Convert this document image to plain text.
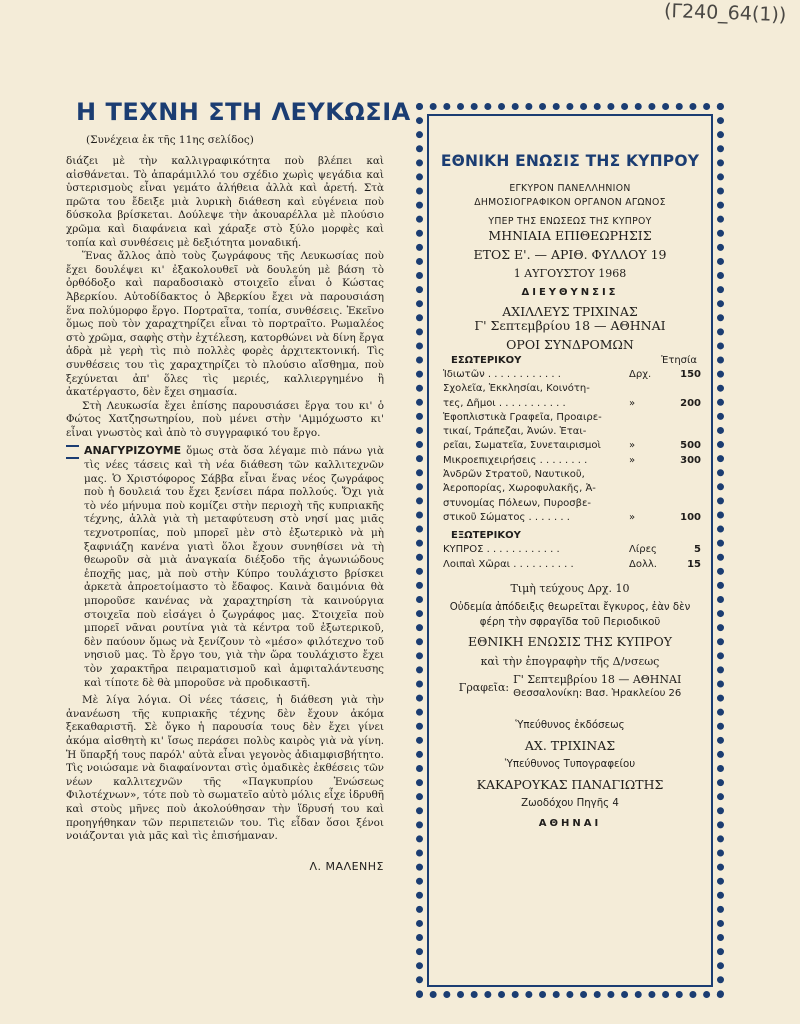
(Γ240_64(1))
Η ΤΕΧΝΗ ΣΤΗ ΛΕΥΚΩΣΙΑ
(Συνέχεια ἐκ τῆς 11ης σελίδος)

διάζει μὲ τὴν καλλιγραφικότητα ποὺ βλέπει καὶ αἰσθάνεται. Τὸ ἀπαράμιλλό του σχέδιο χωρὶς ψεγάδια καὶ ὑστερισμοὺς εἶναι γεμάτο ἀλήθεια ἀλλὰ καὶ ἀρετή. Στὰ πρῶτα του ἔδειξε μιὰ λυρικὴ διάθεση καὶ εὐγένεια ποὺ δύσκολα βρίσκεται. Δούλεψε τὴν ἀκουαρέλλα μὲ πλούσιο χρῶμα καὶ διαφάνεια καὶ χάραξε στὸ ξύλο μορφὲς καὶ τοπία καὶ συνθέσεις μὲ δεξιότητα μοναδική.

Ἕνας ἄλλος ἀπὸ τοὺς ζωγράφους τῆς Λευκωσίας ποὺ ἔχει δουλέψει κι' ἐξακολουθεῖ νὰ δουλεύη μὲ βάση τὸ ὀρθόδοξο καὶ παραδοσιακὸ στοιχεῖο εἶναι ὁ Κώστας Ἀβερκίου. Αὐτοδίδακτος ὁ Ἀβερκίου ἔχει νὰ παρουσιάση ἕνα πολύμορφο ἔργο. Πορτραῖτα, τοπία, συνθέσεις. Ἐκεῖνο ὅμως ποὺ τὸν χαραχτηρίζει εἶναι τὸ πορτραῖτο. Ρωμαλέος στὸ χρῶμα, σαφὴς στὴν ἐχτέλεση, κατορθώνει νὰ δίνη ἔργα ἁδρὰ μὲ γερὴ τὶς πιὸ πολλὲς φορὲς ἀρχιτεκτονική. Τὶς συνθέσεις του τὶς χαραχτηρίζει τὸ πλούσιο αἴσθημα, ποὺ ξεχύνεται ἀπ' ὅλες τὶς μεριές, καλλιεργημένο ἢ ἀκατέργαστο, δὲν ἔχει σημασία.

Στὴ Λευκωσία ἔχει ἐπίσης παρουσιάσει ἔργα του κι' ὁ Φώτος Χατζησωτηρίου, ποὺ μένει στὴν 'Αμμόχωστο κι' εἶναι γνωστὸς καὶ ἀπὸ τὸ συγγραφικό του ἔργο.

ΑΝΑΓΥΡΙΖΟΥΜΕ ὅμως στὰ ὅσα λέγαμε πιὸ πάνω γιὰ τὶς νέες τάσεις καὶ τὴ νέα διάθεση τῶν καλλιτεχνῶν μας. Ὁ Χριστόφορος Σάββα εἶναι ἕνας νέος ζωγράφος ποὺ ἡ δουλειά του ἔχει ξενίσει πάρα πολλούς. Ὄχι γιὰ τὸ νέο μήνυμα ποὺ κομίζει στὴν περιοχὴ τῆς κυπριακῆς τέχνης, ἀλλὰ γιὰ τὴ μεταφύτευση στὸ νησί μας μιᾶς τεχνοτροπίας, ποὺ μπορεῖ μὲν στὸ ἐξωτερικὸ νὰ μὴ ξαφνιάζη κανένα γιατὶ ὅλοι ἔχουν συνηθίσει νὰ τὴ θεωροῦν σὰ μιὰ ἀναγκαία διέξοδο τῆς ἀγωνιώδους ἐποχῆς μας, μὰ ποὺ στὴν Κύπρο τουλάχιστο βρίσκει ἀρκετὰ ἀπροετοίμαστο τὸ ἔδαφος. Καινὰ δαιμόνια θὰ μποροῦσε κανένας νὰ χαραχτηρίση τὰ καινούργια στοιχεῖα ποὺ εἰσάγει ὁ ζωγράφος μας. Στοιχεῖα ποὺ μπορεῖ νᾶναι ρουτίνα γιὰ τὰ κέντρα τοῦ ἐξωτερικοῦ, δὲν παύουν ὅμως νὰ ξενίζουν τὸ «μέσο» φιλότεχνο τοῦ νησιοῦ μας. Τὸ ἔργο του, γιὰ τὴν ὥρα τουλάχιστο ἔχει τὸν χαρακτῆρα πειραματισμοῦ καὶ ἀμφιταλάντευσης καὶ τίποτε δὲ θὰ μποροῦσε νὰ προδικαστῆ.

Μὲ λίγα λόγια. Οἱ νέες τάσεις, ἡ διάθεση γιὰ τὴν ἀνανέωση τῆς κυπριακῆς τέχνης δὲν ἔχουν ἀκόμα ξεκαθαριστῆ. Σὲ ὄγκο ἡ παρουσία τους δὲν ἔχει γίνει ἀκόμα αἰσθητὴ κι' ἴσως περάσει πολὺς καιρὸς γιὰ νὰ γίνη. Ἡ ὕπαρξή τους παρόλ' αὐτὰ εἶναι γεγονὸς ἀδιαμφισβήτητο. Τὶς νοιώσαμε νὰ διαφαίνονται στὶς ὁμαδικὲς ἐκθέσεις τῶν νέων καλλιτεχνῶν τῆς «Παγκυπρίου Ἑνώσεως Φιλοτέχνων», τότε ποὺ τὸ σωματεῖο αὐτὸ μόλις εἶχε ἱδρυθῆ καὶ στοὺς μῆνες ποὺ ἀκολούθησαν τὴν ἵδρυσή του καὶ προηγήθηκαν τῶν περιπετειῶν του. Τὶς εἶδαν ὅσοι ξένοι νοιάζονται γιὰ μᾶς καὶ τὶς ἐπισήμαναν.

Λ. ΜΑΛΕΝΗΣ
ΕΘΝΙΚΗ ΕΝΩΣΙΣ ΤΗΣ ΚΥΠΡΟΥ

ΕΓΚΥΡΟΝ ΠΑΝΕΛΛΗΝΙΟΝ

ΔΗΜΟΣΙΟΓΡΑΦΙΚΟΝ ΟΡΓΑΝΟΝ ΑΓΩΝΟΣ

ΥΠΕΡ ΤΗΣ ΕΝΩΣΕΩΣ ΤΗΣ ΚΥΠΡΟΥ

ΜΗΝΙΑΙΑ ΕΠΙΘΕΩΡΗΣΙΣ

ΕΤΟΣ Ε'. — ΑΡΙΘ. ΦΥΛΛΟΥ 19

1 ΑΥΓΟΥΣΤΟΥ 1968

ΔΙΕΥΘΥΝΣΙΣ

ΑΧΙΛΛΕΥΣ ΤΡΙΧΙΝΑΣ

Γ' Σεπτεμβρίου 18 — ΑΘΗΝΑΙ

ΟΡΟΙ ΣΥΝΔΡΟΜΩΝ

ΕΣΩΤΕΡΙΚΟΥ	Ἐτησία
Ἰδιωτῶν . . . . . . . . . . . .	Δρχ.	150
Σχολεῖα, Ἐκκλησίαι, Κοινότη-
τες, Δῆμοι . . . . . . . . . . .	»	200
Ἐφοπλιστικὰ Γραφεῖα, Προαιρε-
τικαί, Τράπεζαι, Ἀνών. Ἑται-
ρεῖαι, Σωματεῖα, Συνεταιρισμοὶ	»	500
Μικροεπιχειρήσεις . . . . . . . .	»	300
Ἀνδρῶν Στρατοῦ, Ναυτικοῦ,
Ἀεροπορίας, Χωροφυλακῆς, Ἀ-
στυνομίας Πόλεων, Πυροσβε-
στικοῦ Σώματος . . . . . . .	»	100
ΕΞΩΤΕΡΙΚΟΥ
ΚΥΠΡΟΣ . . . . . . . . . . . .	Λίρες	5
Λοιπαὶ Χῶραι . . . . . . . . . .	Δολλ.	15

Τιμὴ τεύχους Δρχ. 10

Οὐδεμία ἀπόδειξις θεωρεῖται ἔγκυρος, ἐὰν δὲν

φέρη τὴν σφραγῖδα τοῦ Περιοδικοῦ

ΕΘΝΙΚΗ ΕΝΩΣΙΣ ΤΗΣ ΚΥΠΡΟΥ

καὶ τὴν ἐπογραφὴν τῆς Δ/νσεως

Γραφεῖα:
Γ' Σεπτεμβρίου 18 — ΑΘΗΝΑΙ
Θεσσαλονίκη: Βασ. Ἡρακλείου 26

Ὑπεύθυνος ἐκδόσεως

ΑΧ. ΤΡΙΧΙΝΑΣ

Ὑπεύθυνος Τυπογραφείου

ΚΑΚΑΡΟΥΚΑΣ ΠΑΝΑΓΙΩΤΗΣ

Ζωοδόχου Πηγῆς 4

ΑΘΗΝΑΙ
